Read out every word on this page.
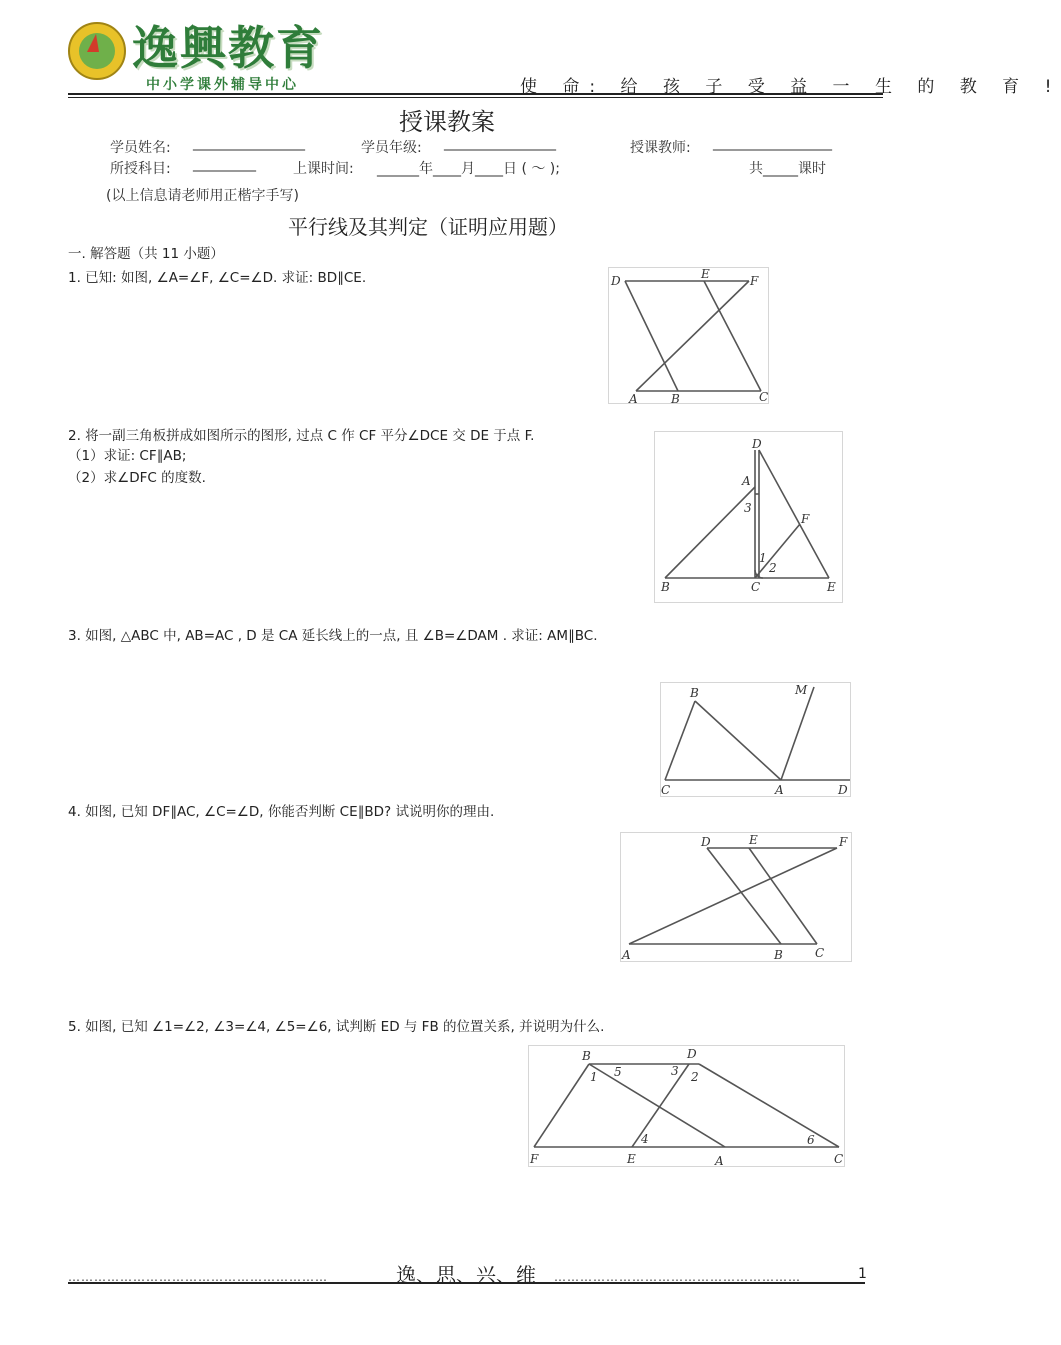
逸興教育
中小学课外辅导中心	使 命: 给 孩 子 受 益 一 生 的 教 育 !
授课教案
学员姓名: ________________	学员年级: ________________	授课教师: _________________
所授科目: _________	上课时间: ______年____月____日 ( ～ );	共_____课时
(以上信息请老师用正楷字手写)
平行线及其判定（证明应用题）
一. 解答题（共 11 小题）
1. 已知: 如图, ∠A=∠F, ∠C=∠D. 求证: BD∥CE.
2. 将一副三角板拼成如图所示的图形, 过点 C 作 CF 平分∠DCE 交 DE 于点 F.
（1）求证: CF∥AB;
（2）求∠DFC 的度数.
3. 如图, △ABC 中, AB=AC , D 是 CA 延长线上的一点, 且 ∠B=∠DAM . 求证: AM∥BC.
4. 如图, 已知 DF∥AC, ∠C=∠D, 你能否判断 CE∥BD? 试说明你的理由.
5. 如图, 已知 ∠1=∠2, ∠3=∠4, ∠5=∠6, 试判断 ED 与 FB 的位置关系, 并说明为什么.
D	E	F
A	B	C
D
A
F
B	C	E
1
2
3
B	M
C	A	D
D	E	F
A	B	C
B	D
F	E	A	C
1	2
3
4
5
6
……………………………………………………	逸、思、兴、维 …………………………………………………	1
